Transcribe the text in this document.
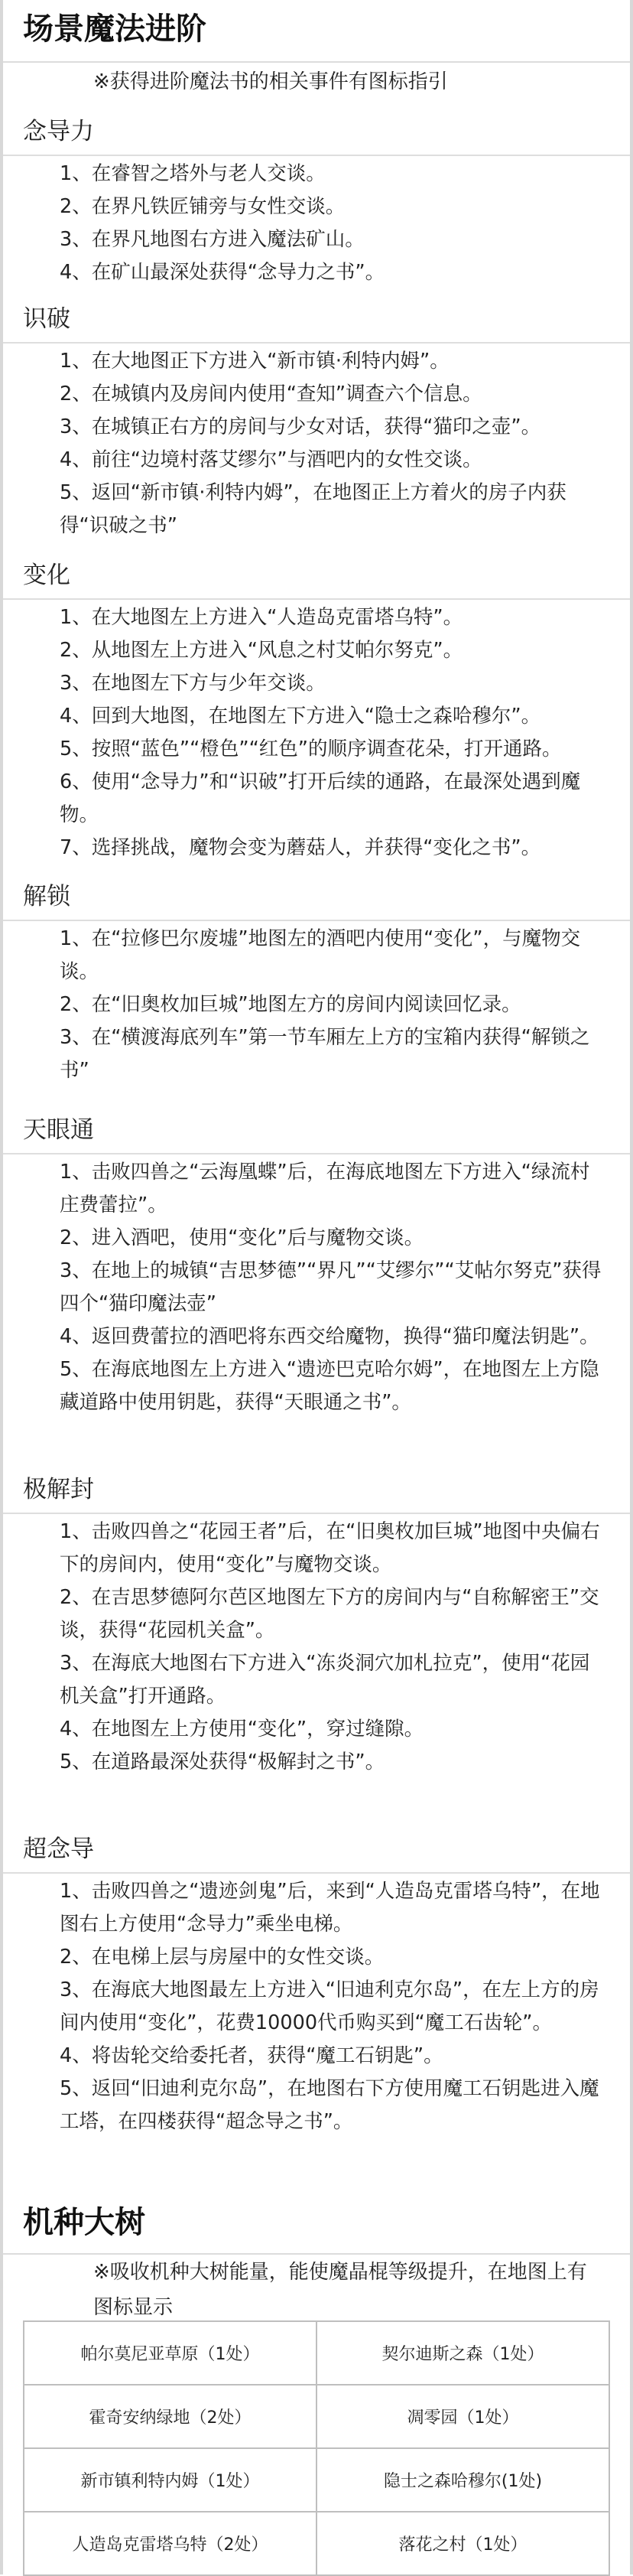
场景魔法进阶
※获得进阶魔法书的相关事件有图标指引
念导力
1、在睿智之塔外与老人交谈。
2、在界凡铁匠铺旁与女性交谈。
3、在界凡地图右方进入魔法矿山。
4、在矿山最深处获得“念导力之书”。
识破
1、在大地图正下方进入“新市镇·利特内姆”。
2、在城镇内及房间内使用“查知”调查六个信息。
3、在城镇正右方的房间与少女对话，获得“猫印之壶”。
4、前往“边境村落艾缪尔”与酒吧内的女性交谈。
5、返回“新市镇·利特内姆”，在地图正上方着火的房子内获得“识破之书”
变化
1、在大地图左上方进入“人造岛克雷塔乌特”。
2、从地图左上方进入“风息之村艾帕尔努克”。
3、在地图左下方与少年交谈。
4、回到大地图，在地图左下方进入“隐士之森哈穆尔”。
5、按照“蓝色”“橙色”“红色”的顺序调查花朵，打开通路。
6、使用“念导力”和“识破”打开后续的通路，在最深处遇到魔物。
7、选择挑战，魔物会变为蘑菇人，并获得“变化之书”。
解锁
1、在“拉修巴尔废墟”地图左的酒吧内使用“变化”，与魔物交谈。
2、在“旧奥枚加巨城”地图左方的房间内阅读回忆录。
3、在“横渡海底列车”第一节车厢左上方的宝箱内获得“解锁之书”
天眼通
1、击败四兽之“云海凰蝶”后，在海底地图左下方进入“绿流村庄费蕾拉”。
2、进入酒吧，使用“变化”后与魔物交谈。
3、在地上的城镇“吉思梦德”“界凡”“艾缪尔”“艾帖尔努克”获得四个“猫印魔法壶”
4、返回费蕾拉的酒吧将东西交给魔物，换得“猫印魔法钥匙”。
5、在海底地图左上方进入“遗迹巴克哈尔姆”，在地图左上方隐藏道路中使用钥匙，获得“天眼通之书”。
极解封
1、击败四兽之“花园王者”后，在“旧奥枚加巨城”地图中央偏右下的房间内，使用“变化”与魔物交谈。
2、在吉思梦德阿尔芭区地图左下方的房间内与“自称解密王”交谈，获得“花园机关盒”。
3、在海底大地图右下方进入“冻炎洞穴加札拉克”，使用“花园机关盒”打开通路。
4、在地图左上方使用“变化”，穿过缝隙。
5、在道路最深处获得“极解封之书”。
超念导
1、击败四兽之“遗迹剑鬼”后，来到“人造岛克雷塔乌特”，在地图右上方使用“念导力”乘坐电梯。
2、在电梯上层与房屋中的女性交谈。
3、在海底大地图最左上方进入“旧迪利克尔岛”，在左上方的房间内使用“变化”，花费10000代币购买到“魔工石齿轮”。
4、将齿轮交给委托者，获得“魔工石钥匙”。
5、返回“旧迪利克尔岛”，在地图右下方使用魔工石钥匙进入魔工塔，在四楼获得“超念导之书”。
机种大树
※吸收机种大树能量，能使魔晶棍等级提升，在地图上有图标显示
帕尔莫尼亚草原（1处）	契尔迪斯之森（1处）
霍奇安纳绿地（2处）	凋零园（1处）
新市镇利特内姆（1处）	隐士之森哈穆尔(1处)
人造岛克雷塔乌特（2处）	落花之村（1处）
